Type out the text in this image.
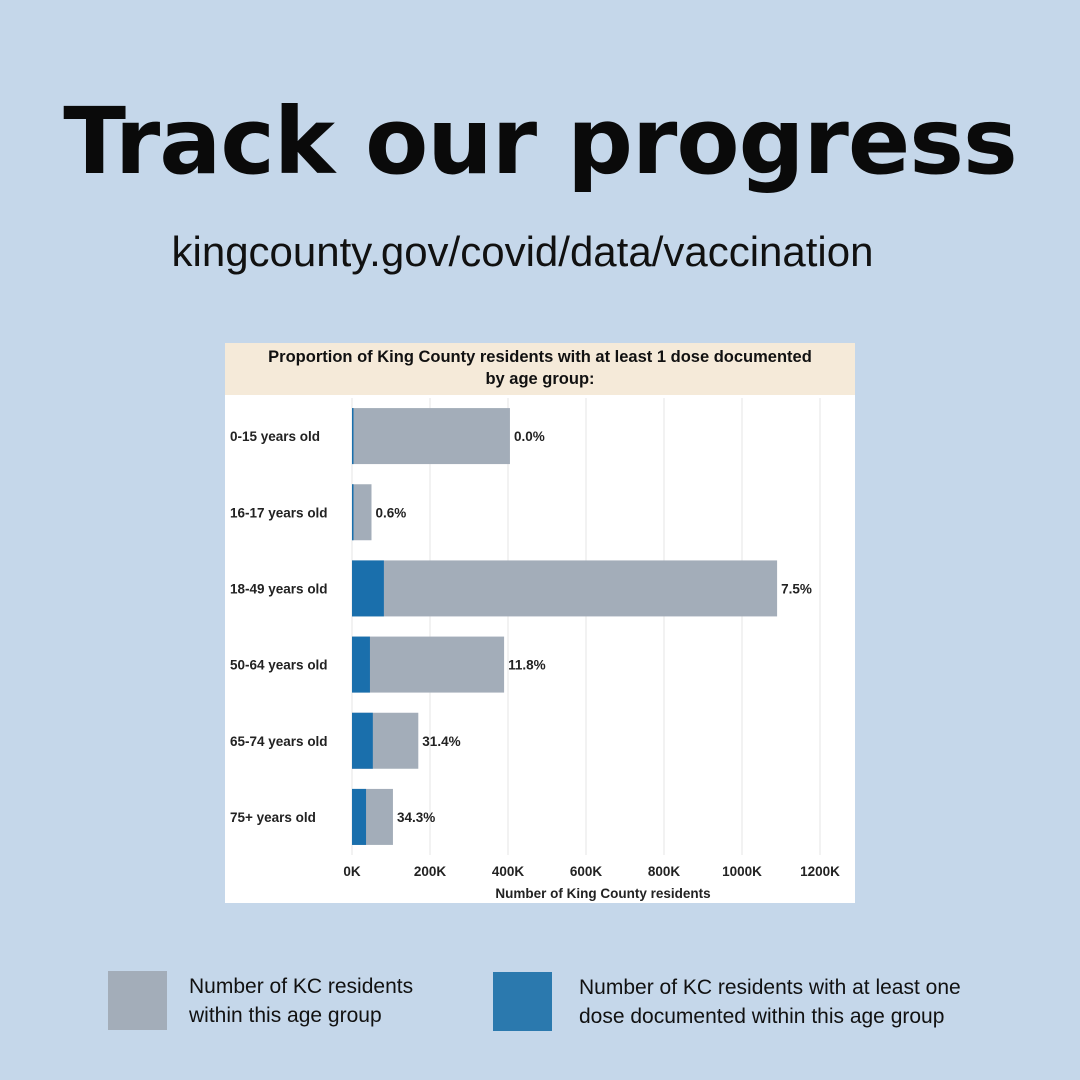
Track our progress
kingcounty.gov/covid/data/vaccination
Proportion of King County residents with at least 1 dose documented
by age group:
0K	200K	400K	600K	800K	1000K	1200K
Number of King County residents
0-15 years old	0.0%
16-17 years old	0.6%
18-49 years old	7.5%
50-64 years old	11.8%
65-74 years old	31.4%
75+ years old	34.3%
Number of KC residents
within this age group
Number of KC residents with at least one
dose documented within this age group
